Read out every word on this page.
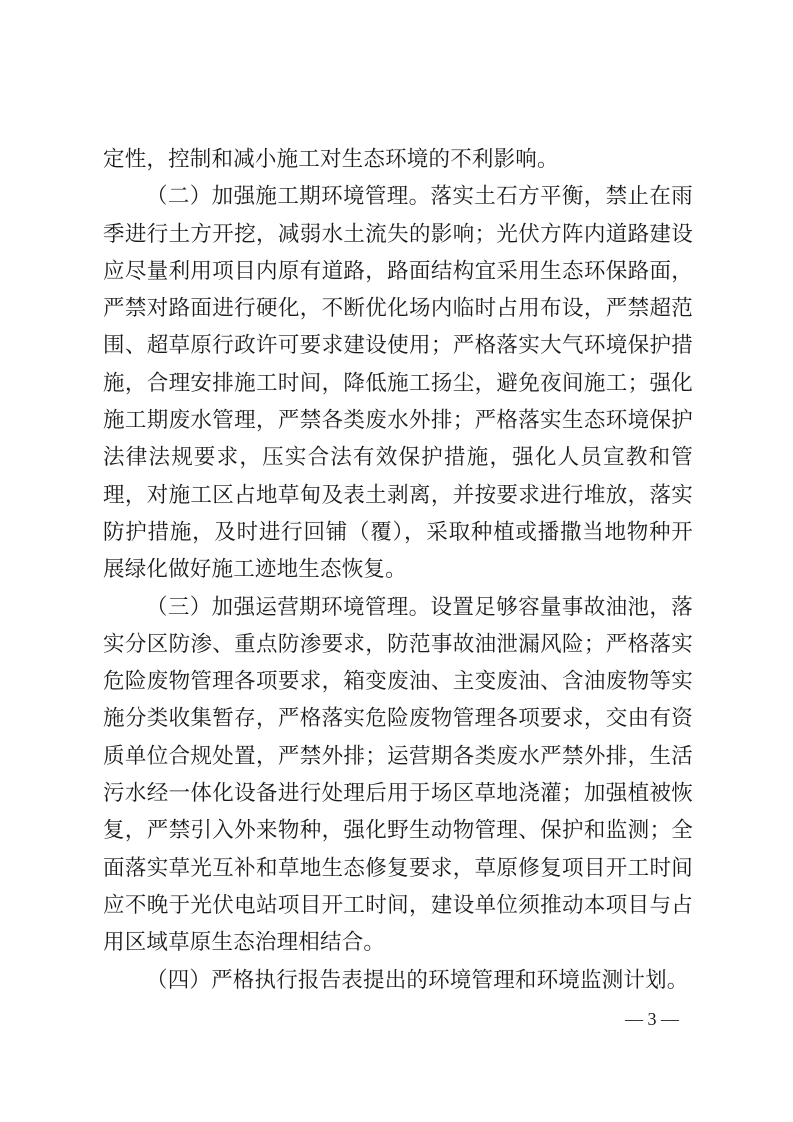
定性，控制和减小施工对生态环境的不利影响。

（二）加强施工期环境管理。落实土石方平衡，禁止在雨季进行土方开挖，减弱水土流失的影响；光伏方阵内道路建设应尽量利用项目内原有道路，路面结构宜采用生态环保路面，严禁对路面进行硬化，不断优化场内临时占用布设，严禁超范围、超草原行政许可要求建设使用；严格落实大气环境保护措施，合理安排施工时间，降低施工扬尘，避免夜间施工；强化施工期废水管理，严禁各类废水外排；严格落实生态环境保护法律法规要求，压实合法有效保护措施，强化人员宣教和管理，对施工区占地草甸及表土剥离，并按要求进行堆放，落实防护措施，及时进行回铺（覆），采取种植或播撒当地物种开展绿化做好施工迹地生态恢复。

（三）加强运营期环境管理。设置足够容量事故油池，落实分区防渗、重点防渗要求，防范事故油泄漏风险；严格落实危险废物管理各项要求，箱变废油、主变废油、含油废物等实施分类收集暂存，严格落实危险废物管理各项要求，交由有资质单位合规处置，严禁外排；运营期各类废水严禁外排，生活污水经一体化设备进行处理后用于场区草地浇灌；加强植被恢复，严禁引入外来物种，强化野生动物管理、保护和监测；全面落实草光互补和草地生态修复要求，草原修复项目开工时间应不晚于光伏电站项目开工时间，建设单位须推动本项目与占用区域草原生态治理相结合。

（四）严格执行报告表提出的环境管理和环境监测计划。

— 3 —
